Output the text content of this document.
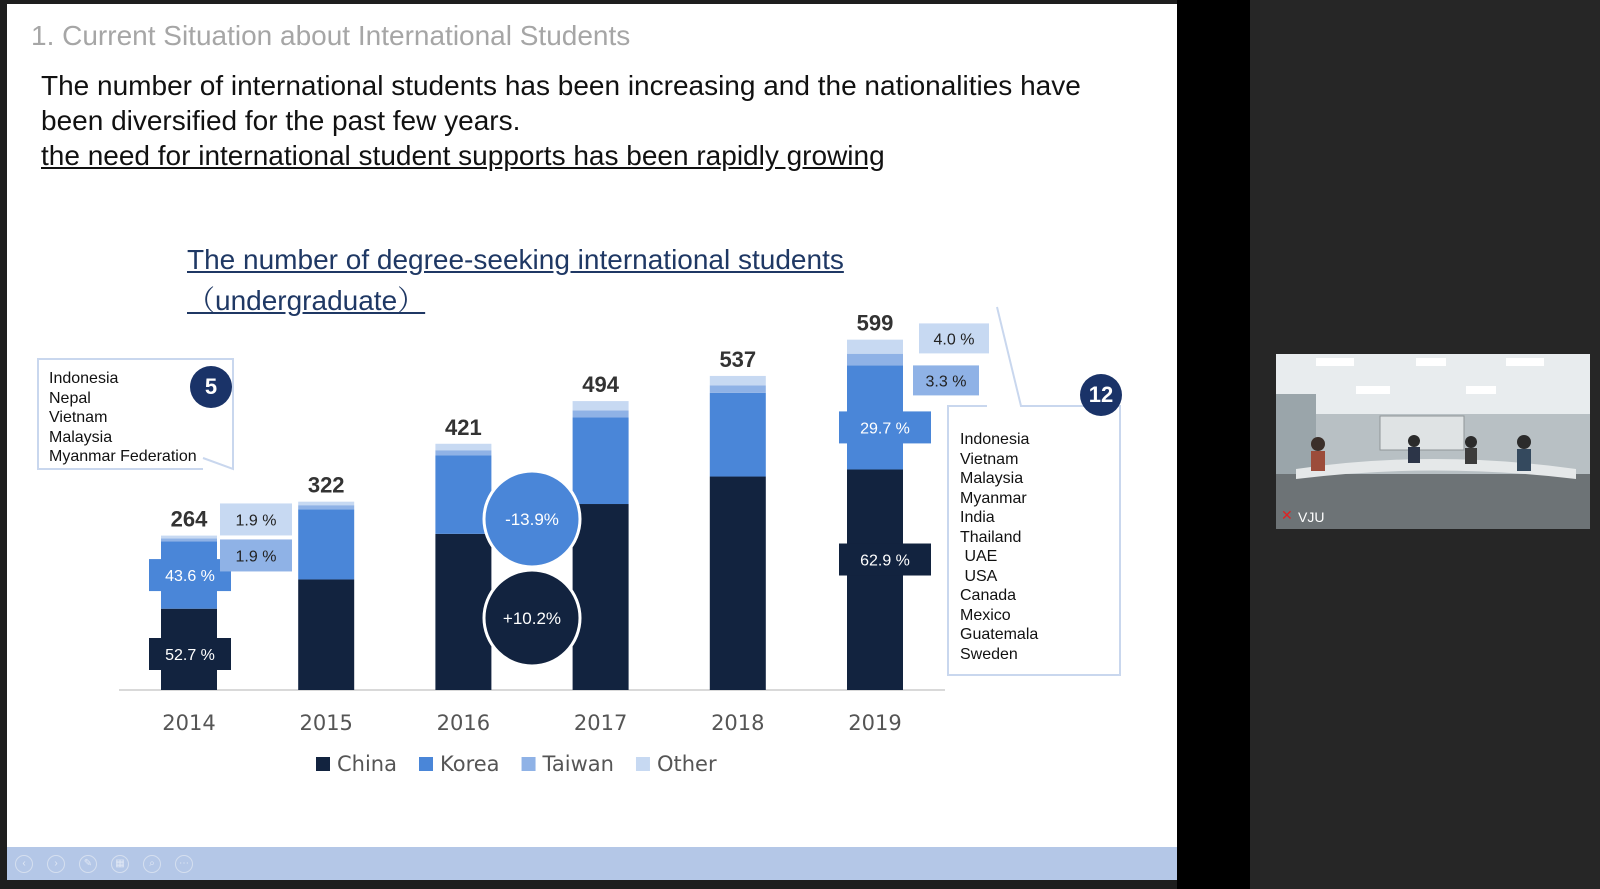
1. Current Situation about International Students
The number of international students has been increasing and the nationalities have
been diversified for the past few years.
the need for international student supports has been rapidly growing
The number of degree-seeking international students
（undergraduate）
264
322
421
494
537
599
2014	2015	2016	2017	2018	2019
52.7 %
43.6 %
1.9 %
1.9 %
62.9 %
29.7 %
3.3 %
4.0 %
-13.9%
+10.2%
China Korea Taiwan Other
Indonesia
Nepal
Vietnam
Malaysia
Myanmar Federation
5
Indonesia
Vietnam
Malaysia
Myanmar
India
Thailand
UAE
USA
Canada
Mexico
Guatemala
Sweden
12
‹	›	✎	▦	⌕	⋯
VJU
✕
